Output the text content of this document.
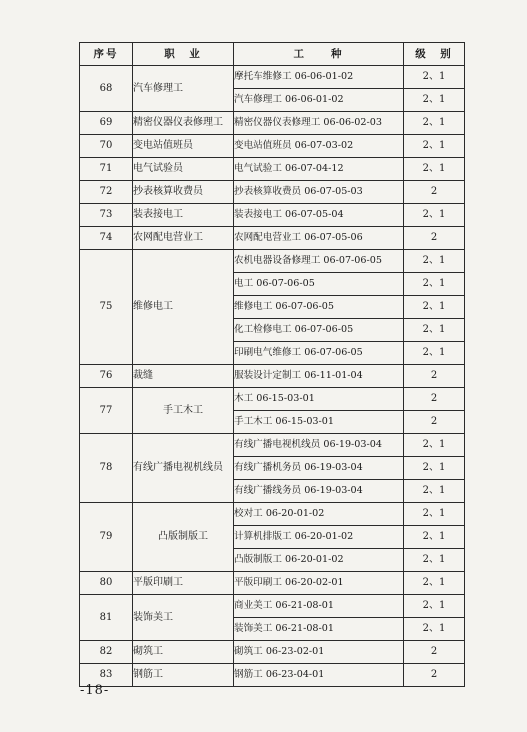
序号	职　业	工　　种	级　别
68	汽车修理工	摩托车维修工 06-06-01-02	2、1
		汽车修理工 06-06-01-02	2、1
69	精密仪器仪表修理工	精密仪器仪表修理工 06-06-02-03	2、1
70	变电站值班员	变电站值班员 06-07-03-02	2、1
71	电气试验员	电气试验工 06-07-04-12	2、1
72	抄表核算收费员	抄表核算收费员 06-07-05-03	2
73	装表接电工	装表接电工 06-07-05-04	2、1
74	农网配电营业工	农网配电营业工 06-07-05-06	2
75	维修电工	农机电器设备修理工 06-07-06-05	2、1
		电工 06-07-06-05	2、1
		维修电工 06-07-06-05	2、1
		化工检修电工 06-07-06-05	2、1
		印刷电气维修工 06-07-06-05	2、1
76	裁缝	服装设计定制工 06-11-01-04	2
77	手工木工	木工 06-15-03-01	2
		手工木工 06-15-03-01	2
78	有线广播电视机线员	有线广播电视机线员 06-19-03-04	2、1
		有线广播机务员 06-19-03-04	2、1
		有线广播线务员 06-19-03-04	2、1
79	凸版制版工	校对工 06-20-01-02	2、1
		计算机排版工 06-20-01-02	2、1
		凸版制版工 06-20-01-02	2、1
80	平版印刷工	平版印刷工 06-20-02-01	2、1
81	装饰美工	商业美工 06-21-08-01	2、1
		装饰美工 06-21-08-01	2、1
82	砌筑工	砌筑工 06-23-02-01	2
83	钢筋工	钢筋工 06-23-04-01	2
-18-
